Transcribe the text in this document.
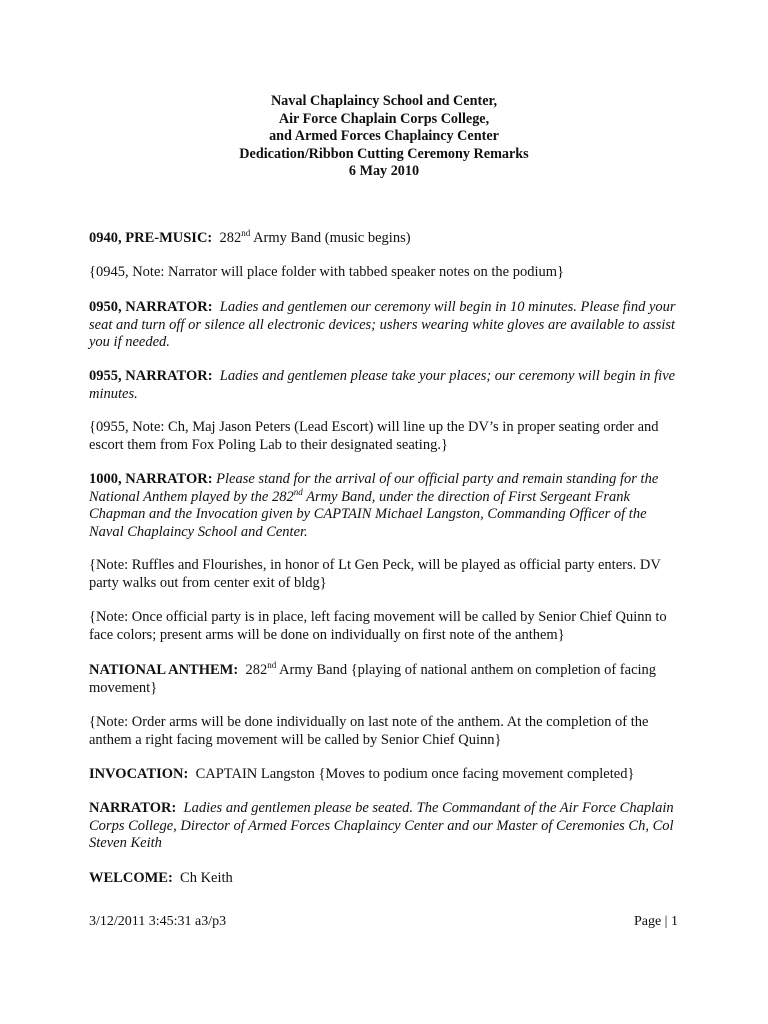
Naval Chaplaincy School and Center,
Air Force Chaplain Corps College,
and Armed Forces Chaplaincy Center
Dedication/Ribbon Cutting Ceremony Remarks
6 May 2010

0940, PRE-MUSIC: 282nd Army Band (music begins)

{0945, Note: Narrator will place folder with tabbed speaker notes on the podium}

0950, NARRATOR: Ladies and gentlemen our ceremony will begin in 10 minutes. Please find your seat and turn off or silence all electronic devices; ushers wearing white gloves are available to assist you if needed.

0955, NARRATOR: Ladies and gentlemen please take your places; our ceremony will begin in five minutes.

{0955, Note: Ch, Maj Jason Peters (Lead Escort) will line up the DV’s in proper seating order and escort them from Fox Poling Lab to their designated seating.}

1000, NARRATOR: Please stand for the arrival of our official party and remain standing for the National Anthem played by the 282nd Army Band, under the direction of First Sergeant Frank Chapman and the Invocation given by CAPTAIN Michael Langston, Commanding Officer of the Naval Chaplaincy School and Center.

{Note: Ruffles and Flourishes, in honor of Lt Gen Peck, will be played as official party enters. DV party walks out from center exit of bldg}

{Note: Once official party is in place, left facing movement will be called by Senior Chief Quinn to face colors; present arms will be done on individually on first note of the anthem}

NATIONAL ANTHEM: 282nd Army Band {playing of national anthem on completion of facing movement}

{Note: Order arms will be done individually on last note of the anthem. At the completion of the anthem a right facing movement will be called by Senior Chief Quinn}

INVOCATION: CAPTAIN Langston {Moves to podium once facing movement completed}

NARRATOR: Ladies and gentlemen please be seated. The Commandant of the Air Force Chaplain Corps College, Director of Armed Forces Chaplaincy Center and our Master of Ceremonies Ch, Col Steven Keith

WELCOME: Ch Keith

3/12/2011 3:45:31 a3/p3	Page | 1
